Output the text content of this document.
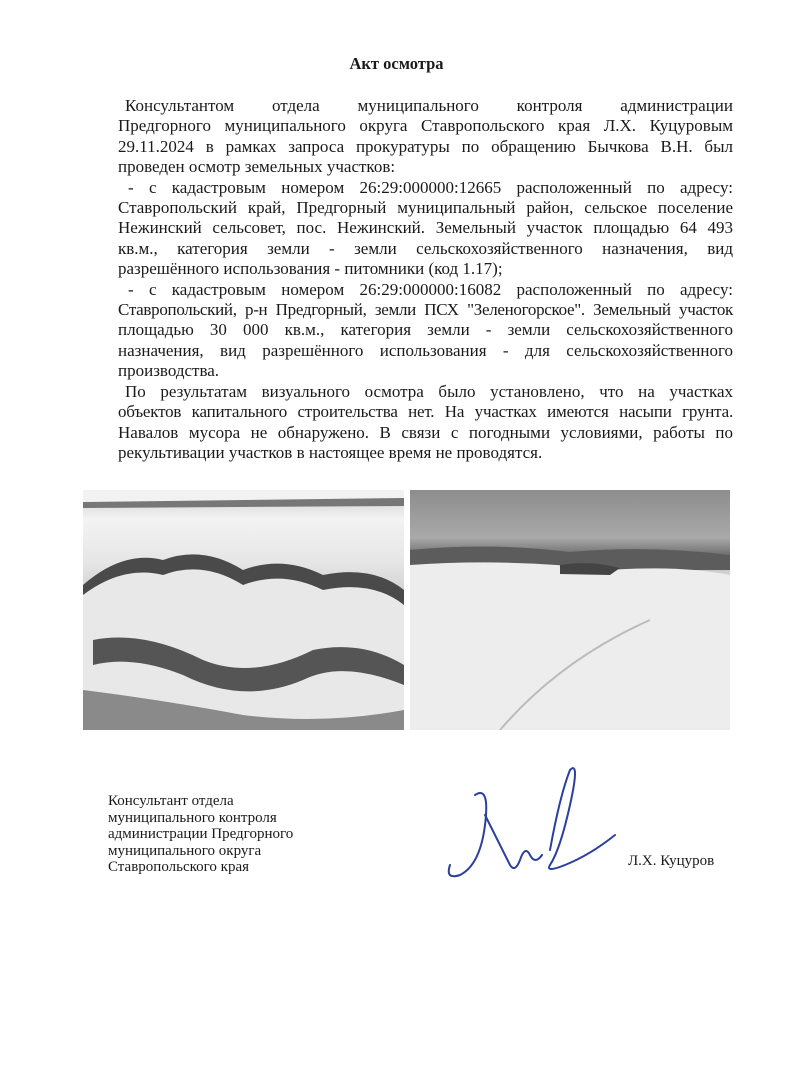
Акт осмотра
Консультантом отдела муниципального контроля администрации
Предгорного муниципального округа Ставропольского края Л.Х. Куцуровым
29.11.2024 в рамках запроса прокуратуры по обращению Бычкова В.Н. был
проведен осмотр земельных участков:
- с кадастровым номером 26:29:000000:12665 расположенный по адресу:
Ставропольский край, Предгорный муниципальный район, сельское поселение
Нежинский сельсовет, пос. Нежинский. Земельный участок площадью 64 493
кв.м., категория земли - земли сельскохозяйственного назначения, вид
разрешённого использования - питомники (код 1.17);
- с кадастровым номером 26:29:000000:16082 расположенный по адресу:
Ставропольский, р-н Предгорный, земли ПСХ "Зеленогорское". Земельный участок
площадью 30 000 кв.м., категория земли - земли сельскохозяйственного
назначения, вид разрешённого использования - для сельскохозяйственного
производства.
По результатам визуального осмотра было установлено, что на участках
объектов капитального строительства нет. На участках имеются насыпи грунта.
Навалов мусора не обнаружено. В связи с погодными условиями, работы по
рекультивации участков в настоящее время не проводятся.
Консультант отдела
муниципального контроля
администрации Предгорного
муниципального округа
Ставропольского края	Л.Х. Куцуров
